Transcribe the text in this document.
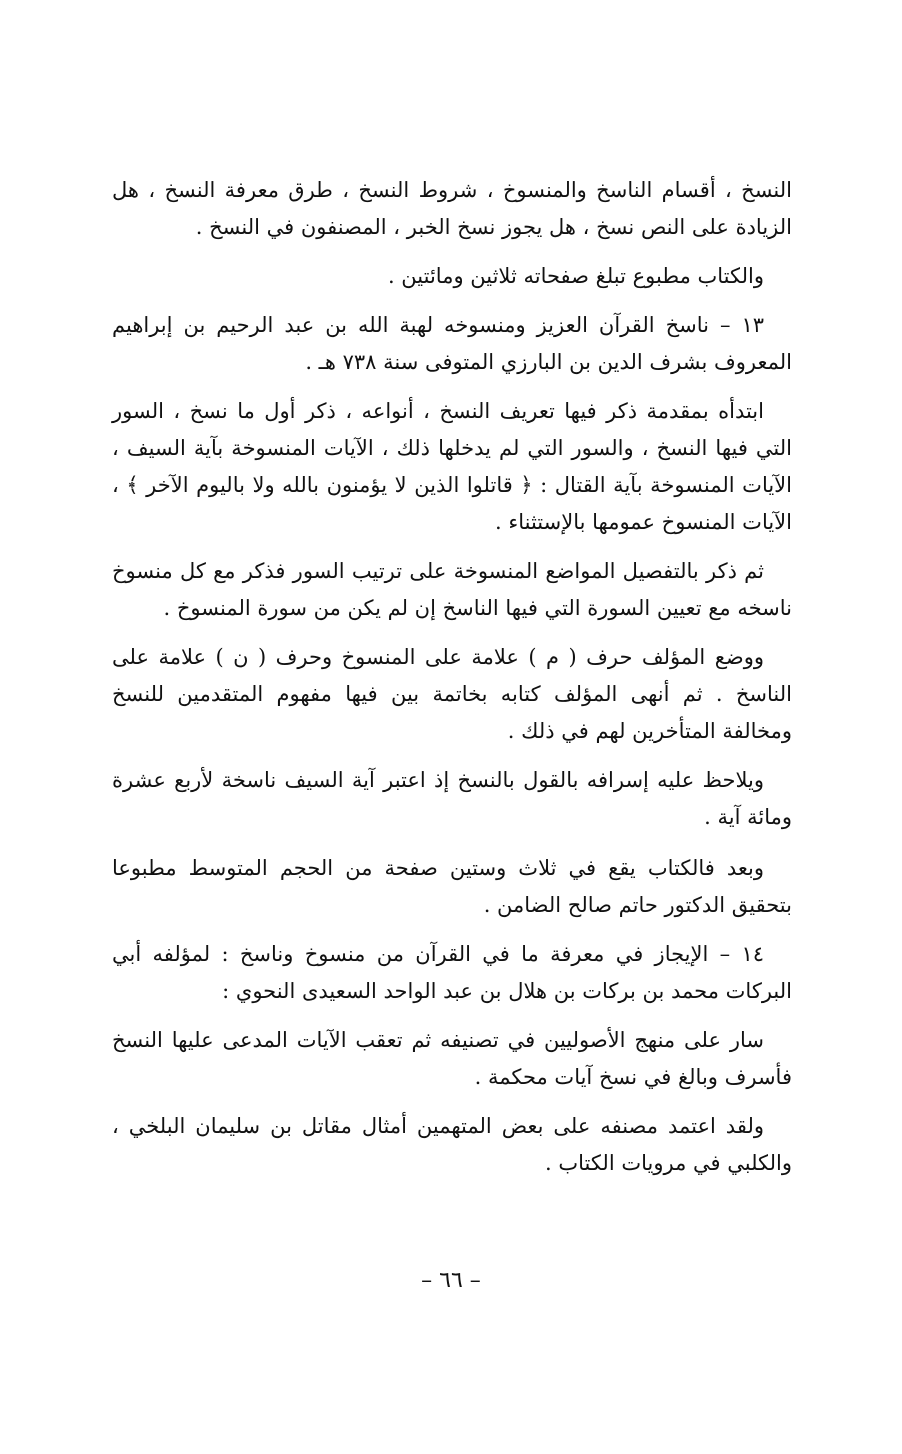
النسخ ، أقسام الناسخ والمنسوخ ، شروط النسخ ، طرق معرفة النسخ ، هل الزيادة على النص نسخ ، هل يجوز نسخ الخبر ، المصنفون في النسخ .

والكتاب مطبوع تبلغ صفحاته ثلاثين ومائتين .

١٣ – ناسخ القرآن العزيز ومنسوخه لهبة الله بن عبد الرحيم بن إبراهيم المعروف بشرف الدين بن البارزي المتوفى سنة ٧٣٨ هـ .

ابتدأه بمقدمة ذكر فيها تعريف النسخ ، أنواعه ، ذكر أول ما نسخ ، السور التي فيها النسخ ، والسور التي لم يدخلها ذلك ، الآيات المنسوخة بآية السيف ، الآيات المنسوخة بآية القتال : ﴿ قاتلوا الذين لا يؤمنون بالله ولا باليوم الآخر ﴾ ، الآيات المنسوخ عمومها بالإستثناء .

ثم ذكر بالتفصيل المواضع المنسوخة على ترتيب السور فذكر مع كل منسوخ ناسخه مع تعيين السورة التي فيها الناسخ إن لم يكن من سورة المنسوخ .

ووضع المؤلف حرف ( م ) علامة على المنسوخ وحرف ( ن ) علامة على الناسخ . ثم أنهى المؤلف كتابه بخاتمة بين فيها مفهوم المتقدمين للنسخ ومخالفة المتأخرين لهم في ذلك .

ويلاحظ عليه إسرافه بالقول بالنسخ إذ اعتبر آية السيف ناسخة لأربع عشرة ومائة آية .

وبعد فالكتاب يقع في ثلاث وستين صفحة من الحجم المتوسط مطبوعا بتحقيق الدكتور حاتم صالح الضامن .

١٤ – الإيجاز في معرفة ما في القرآن من منسوخ وناسخ : لمؤلفه أبي البركات محمد بن بركات بن هلال بن عبد الواحد السعيدى النحوي :

سار على منهج الأصوليين في تصنيفه ثم تعقب الآيات المدعى عليها النسخ فأسرف وبالغ في نسخ آيات محكمة .

ولقد اعتمد مصنفه على بعض المتهمين أمثال مقاتل بن سليمان البلخي ، والكلبي في مرويات الكتاب .

– ٦٦ –
